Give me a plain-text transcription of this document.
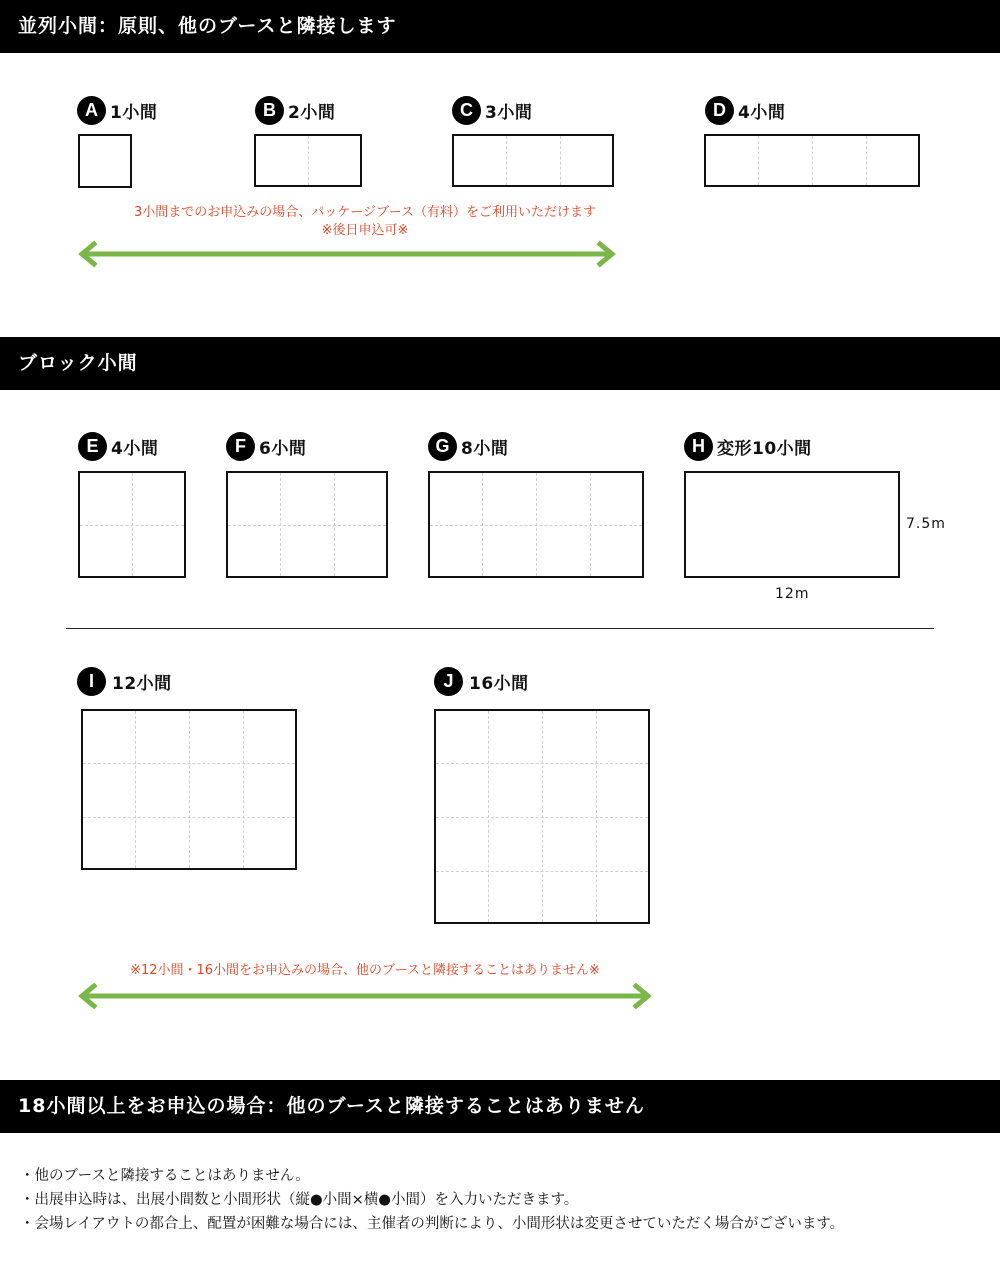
並列小間：原則、他のブースと隣接します
A 1小間	B 2小間	C 3小間	D 4小間
3小間までのお申込みの場合、パッケージブース（有料）をご利用いただけます
※後日申込可※
ブロック小間
E 4小間	F 6小間	G 8小間	H 変形10小間
7.5m
12m
I	12小間	J 16小間
※12小間・16小間をお申込みの場合、他のブースと隣接することはありません※
18小間以上をお申込の場合：他のブースと隣接することはありません
・他のブースと隣接することはありません。
・出展申込時は、出展小間数と小間形状（縦●小間×横●小間）を入力いただきます。
・会場レイアウトの都合上、配置が困難な場合には、主催者の判断により、小間形状は変更させていただく場合がございます。
